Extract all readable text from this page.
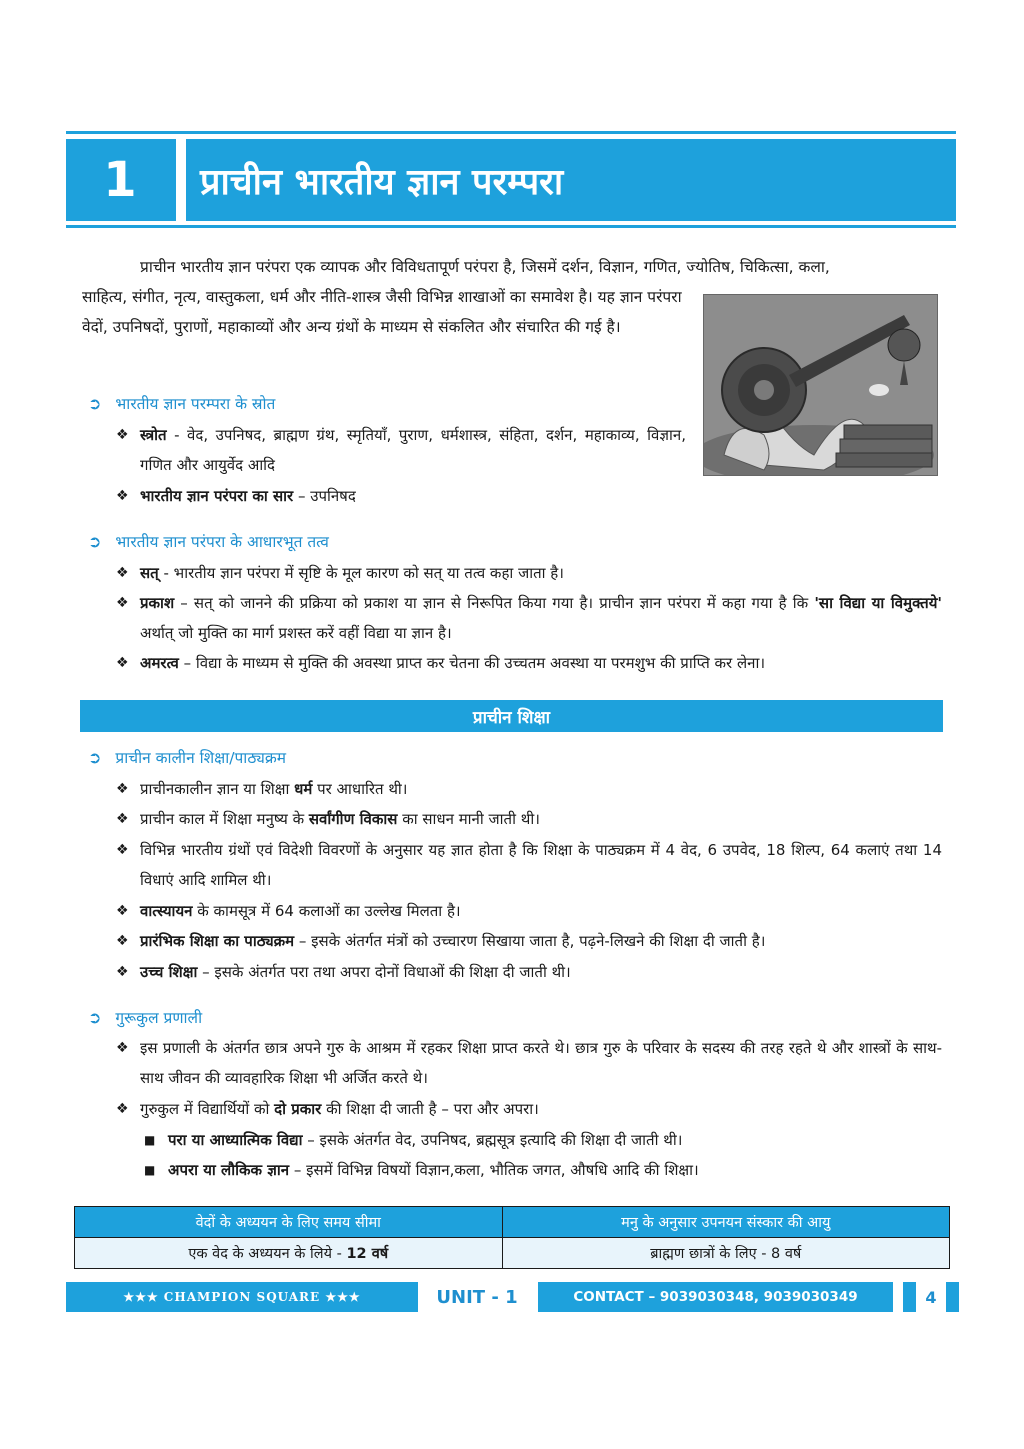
1	प्राचीन भारतीय ज्ञान परम्परा
प्राचीन भारतीय ज्ञान परंपरा एक व्यापक और विविधतापूर्ण परंपरा है, जिसमें दर्शन, विज्ञान, गणित, ज्योतिष, चिकित्सा, कला,
साहित्य, संगीत, नृत्य, वास्तुकला, धर्म और नीति-शास्त्र जैसी विभिन्न शाखाओं का समावेश है। यह ज्ञान परंपरा वेदों, उपनिषदों, पुराणों, महाकाव्यों और अन्य ग्रंथों के माध्यम से संकलित और संचारित की गई है।
➲ भारतीय ज्ञान परम्परा के स्रोत
❖ स्त्रोत - वेद, उपनिषद, ब्राह्मण ग्रंथ, स्मृतियाँ, पुराण, धर्मशास्त्र, संहिता, दर्शन, महाकाव्य, विज्ञान, गणित और आयुर्वेद आदि
❖ भारतीय ज्ञान परंपरा का सार – उपनिषद
➲ भारतीय ज्ञान परंपरा के आधारभूत तत्व
❖ सत् - भारतीय ज्ञान परंपरा में सृष्टि के मूल कारण को सत् या तत्व कहा जाता है।
❖ प्रकाश – सत् को जानने की प्रक्रिया को प्रकाश या ज्ञान से निरूपित किया गया है। प्राचीन ज्ञान परंपरा में कहा गया है कि 'सा विद्या या विमुक्तये' अर्थात् जो मुक्ति का मार्ग प्रशस्त करें वहीं विद्या या ज्ञान है।
❖ अमरत्व – विद्या के माध्यम से मुक्ति की अवस्था प्राप्त कर चेतना की उच्चतम अवस्था या परमशुभ की प्राप्ति कर लेना।
प्राचीन शिक्षा
➲ प्राचीन कालीन शिक्षा/पाठ्यक्रम
❖ प्राचीनकालीन ज्ञान या शिक्षा धर्म पर आधारित थी।
❖ प्राचीन काल में शिक्षा मनुष्य के सर्वांगीण विकास का साधन मानी जाती थी।
❖ विभिन्न भारतीय ग्रंथों एवं विदेशी विवरणों के अनुसार यह ज्ञात होता है कि शिक्षा के पाठ्यक्रम में 4 वेद, 6 उपवेद, 18 शिल्प, 64 कलाएं तथा 14 विधाएं आदि शामिल थी।
❖ वात्स्यायन के कामसूत्र में 64 कलाओं का उल्लेख मिलता है।
❖ प्रारंभिक शिक्षा का पाठ्यक्रम – इसके अंतर्गत मंत्रों को उच्चारण सिखाया जाता है, पढ़ने-लिखने की शिक्षा दी जाती है।
❖ उच्च शिक्षा – इसके अंतर्गत परा तथा अपरा दोनों विधाओं की शिक्षा दी जाती थी।
➲ गुरूकुल प्रणाली
❖ इस प्रणाली के अंतर्गत छात्र अपने गुरु के आश्रम में रहकर शिक्षा प्राप्त करते थे। छात्र गुरु के परिवार के सदस्य की तरह रहते थे और शास्त्रों के साथ-साथ जीवन की व्यावहारिक शिक्षा भी अर्जित करते थे।
❖ गुरुकुल में विद्यार्थियों को दो प्रकार की शिक्षा दी जाती है – परा और अपरा।
■ परा या आध्यात्मिक विद्या – इसके अंतर्गत वेद, उपनिषद, ब्रह्मसूत्र इत्यादि की शिक्षा दी जाती थी।
■ अपरा या लौकिक ज्ञान – इसमें विभिन्न विषयों विज्ञान,कला, भौतिक जगत, औषधि आदि की शिक्षा।
वेदों के अध्ययन के लिए समय सीमा	मनु के अनुसार उपनयन संस्कार की आयु
एक वेद के अध्ययन के लिये - 12 वर्ष	ब्राह्मण छात्रों के लिए - 8 वर्ष
★★★ CHAMPION SQUARE ★★★	UNIT - 1	CONTACT – 9039030348, 9039030349	4
